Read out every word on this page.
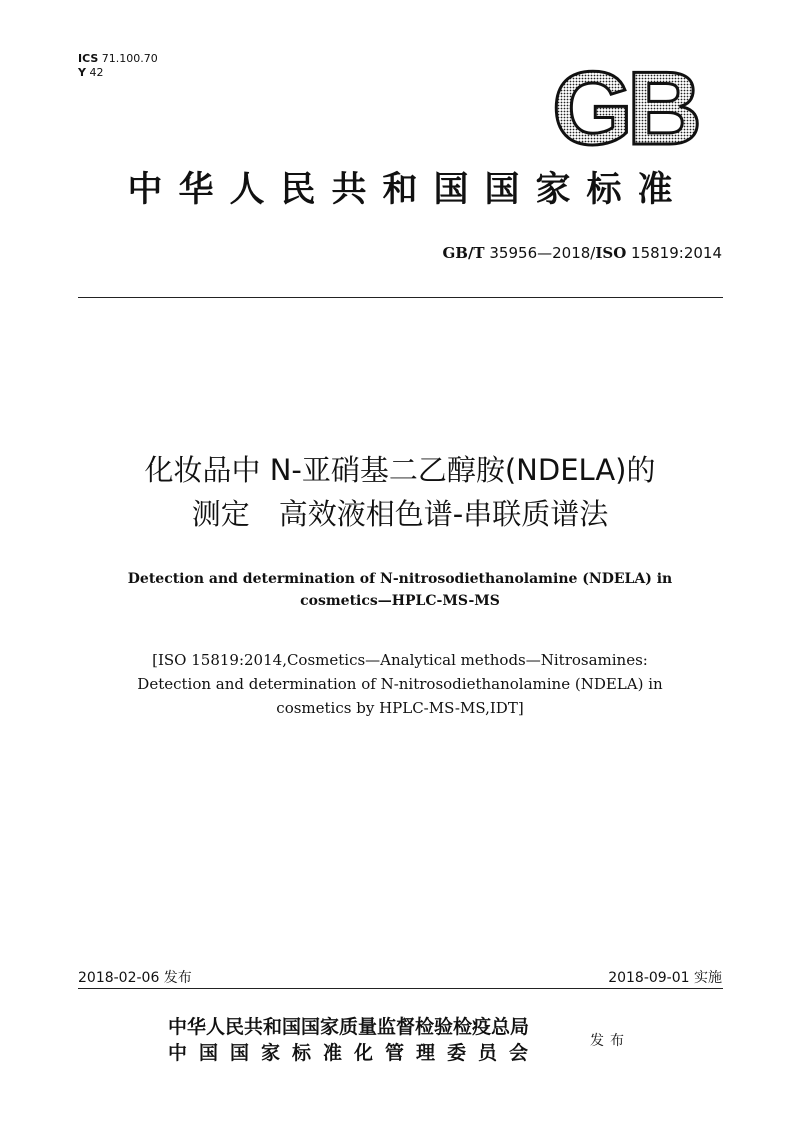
ICS 71.100.70
Y 42	GB
中华人民共和国国家标准
GB/T 35956—2018/ISO 15819:2014
化妆品中 N-亚硝基二乙醇胺(NDELA)的
测定　高效液相色谱-串联质谱法
Detection and determination of N-nitrosodiethanolamine (NDELA) in
cosmetics—HPLC-MS-MS
[ISO 15819:2014,Cosmetics—Analytical methods—Nitrosamines:
Detection and determination of N-nitrosodiethanolamine (NDELA) in
cosmetics by HPLC-MS-MS,IDT]
2018-02-06 发布	2018-09-01 实施
中华人民共和国国家质量监督检验检疫总局
中国国家标准化管理委员会
发布
